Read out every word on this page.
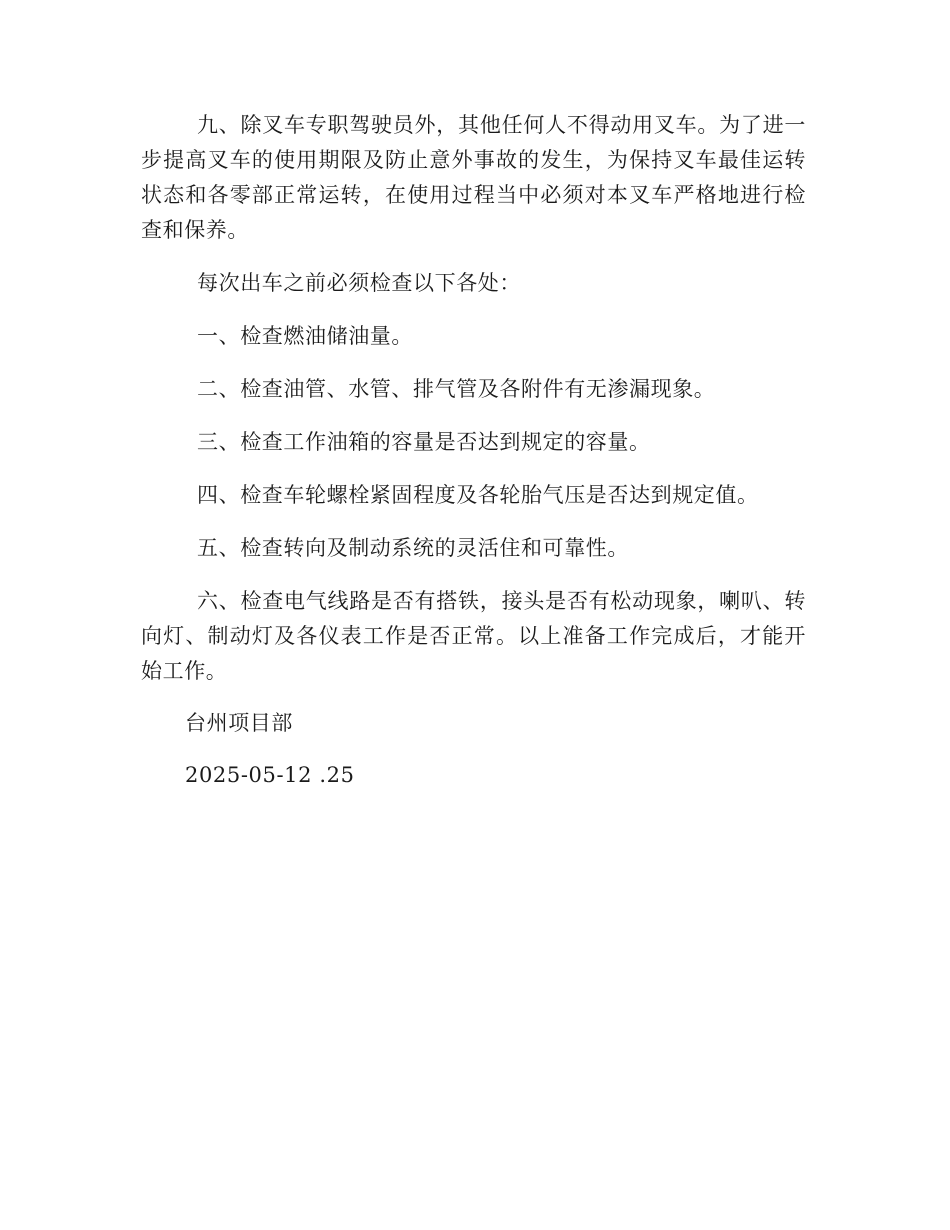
九、除叉车专职驾驶员外，其他任何人不得动用叉车。为了进一步提高叉车的使用期限及防止意外事故的发生，为保持叉车最佳运转状态和各零部正常运转，在使用过程当中必须对本叉车严格地进行检查和保养。

每次出车之前必须检查以下各处：

一、检查燃油储油量。

二、检查油管、水管、排气管及各附件有无渗漏现象。

三、检查工作油箱的容量是否达到规定的容量。

四、检查车轮螺栓紧固程度及各轮胎气压是否达到规定值。

五、检查转向及制动系统的灵活住和可靠性。

六、检查电气线路是否有搭铁，接头是否有松动现象，喇叭、转向灯、制动灯及各仪表工作是否正常。以上准备工作完成后，才能开始工作。

台州项目部

2025-05-12 .25
